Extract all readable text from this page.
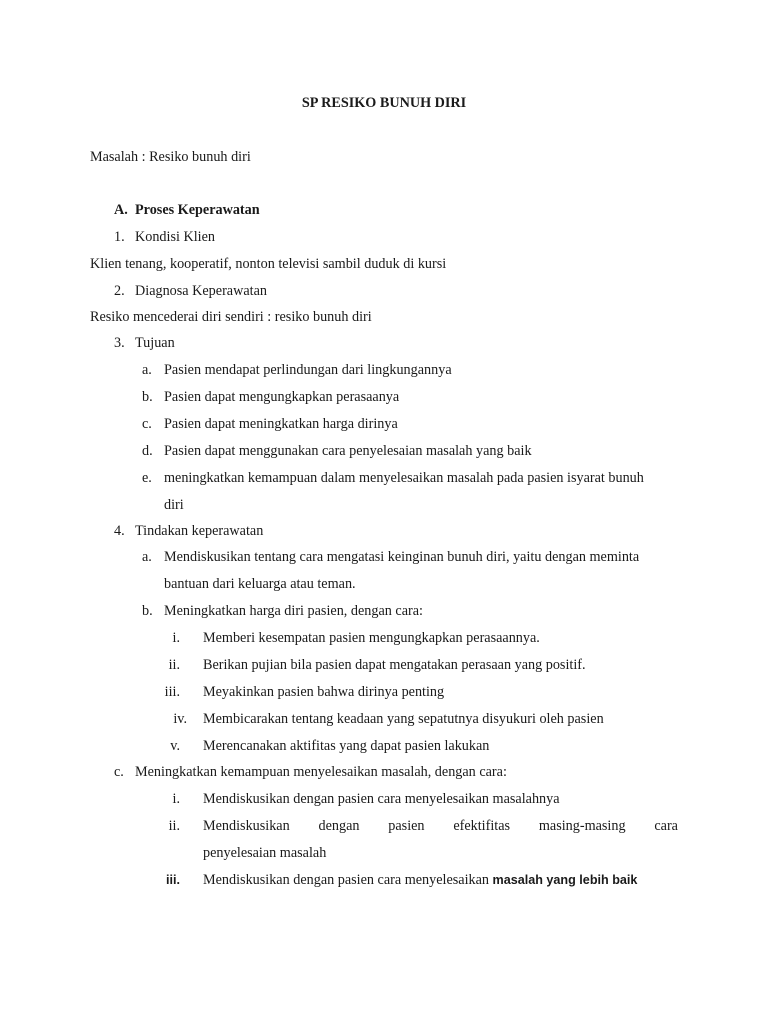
SP RESIKO BUNUH DIRI
Masalah : Resiko bunuh diri
A. Proses Keperawatan
1. Kondisi Klien
Klien tenang, kooperatif, nonton televisi sambil duduk di kursi
2. Diagnosa Keperawatan
Resiko mencederai diri sendiri : resiko bunuh diri
3. Tujuan
a. Pasien mendapat perlindungan dari lingkungannya
b. Pasien dapat mengungkapkan perasaanya
c. Pasien dapat meningkatkan harga dirinya
d. Pasien dapat menggunakan cara penyelesaian masalah yang baik
e. meningkatkan kemampuan dalam menyelesaikan masalah pada pasien isyarat bunuh
diri
4. Tindakan keperawatan
a. Mendiskusikan tentang cara mengatasi keinginan bunuh diri, yaitu dengan meminta
bantuan dari keluarga atau teman.
b. Meningkatkan harga diri pasien, dengan cara:
i. Memberi kesempatan pasien mengungkapkan perasaannya.
ii. Berikan pujian bila pasien dapat mengatakan perasaan yang positif.
iii. Meyakinkan pasien bahwa dirinya penting
iv. Membicarakan tentang keadaan yang sepatutnya disyukuri oleh pasien
v. Merencanakan aktifitas yang dapat pasien lakukan
c. Meningkatkan kemampuan menyelesaikan masalah, dengan cara:
i. Mendiskusikan dengan pasien cara menyelesaikan masalahnya
ii. Mendiskusikan dengan pasien efektifitas masing-masing cara
penyelesaian masalah
iii. Mendiskusikan dengan pasien cara menyelesaikan masalah yang lebih baik
